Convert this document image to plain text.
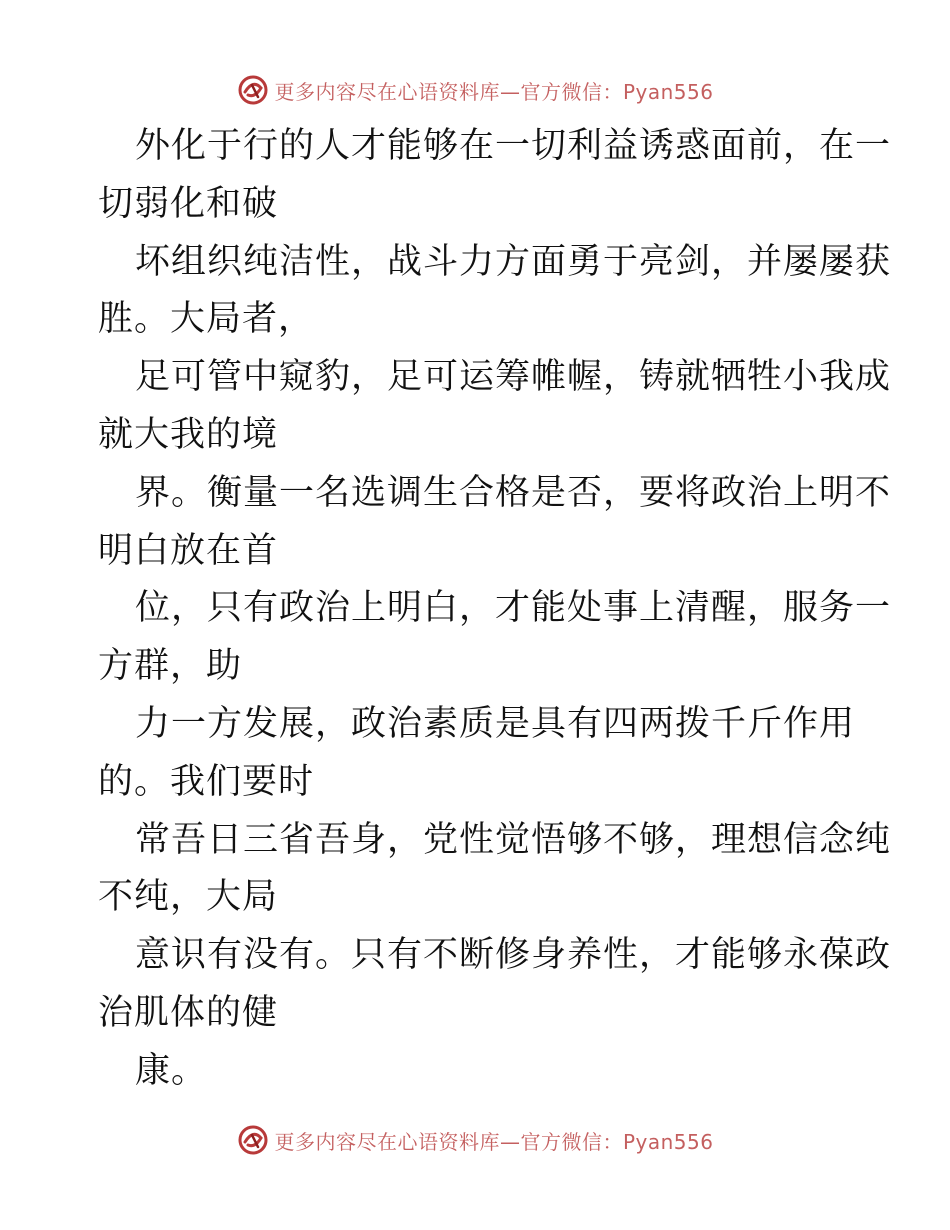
更多内容尽在心语资料库—官方微信：Pyan556
外化于行的人才能够在一切利益诱惑面前，在一
切弱化和破
坏组织纯洁性，战斗力方面勇于亮剑，并屡屡获
胜。大局者，
足可管中窥豹，足可运筹帷幄，铸就牺牲小我成
就大我的境
界。衡量一名选调生合格是否，要将政治上明不
明白放在首
位，只有政治上明白，才能处事上清醒，服务一
方群，助
力一方发展，政治素质是具有四两拨千斤作用
的。我们要时
常吾日三省吾身，党性觉悟够不够，理想信念纯
不纯，大局
意识有没有。只有不断修身养性，才能够永葆政
治肌体的健
康。
更多内容尽在心语资料库—官方微信：Pyan556
